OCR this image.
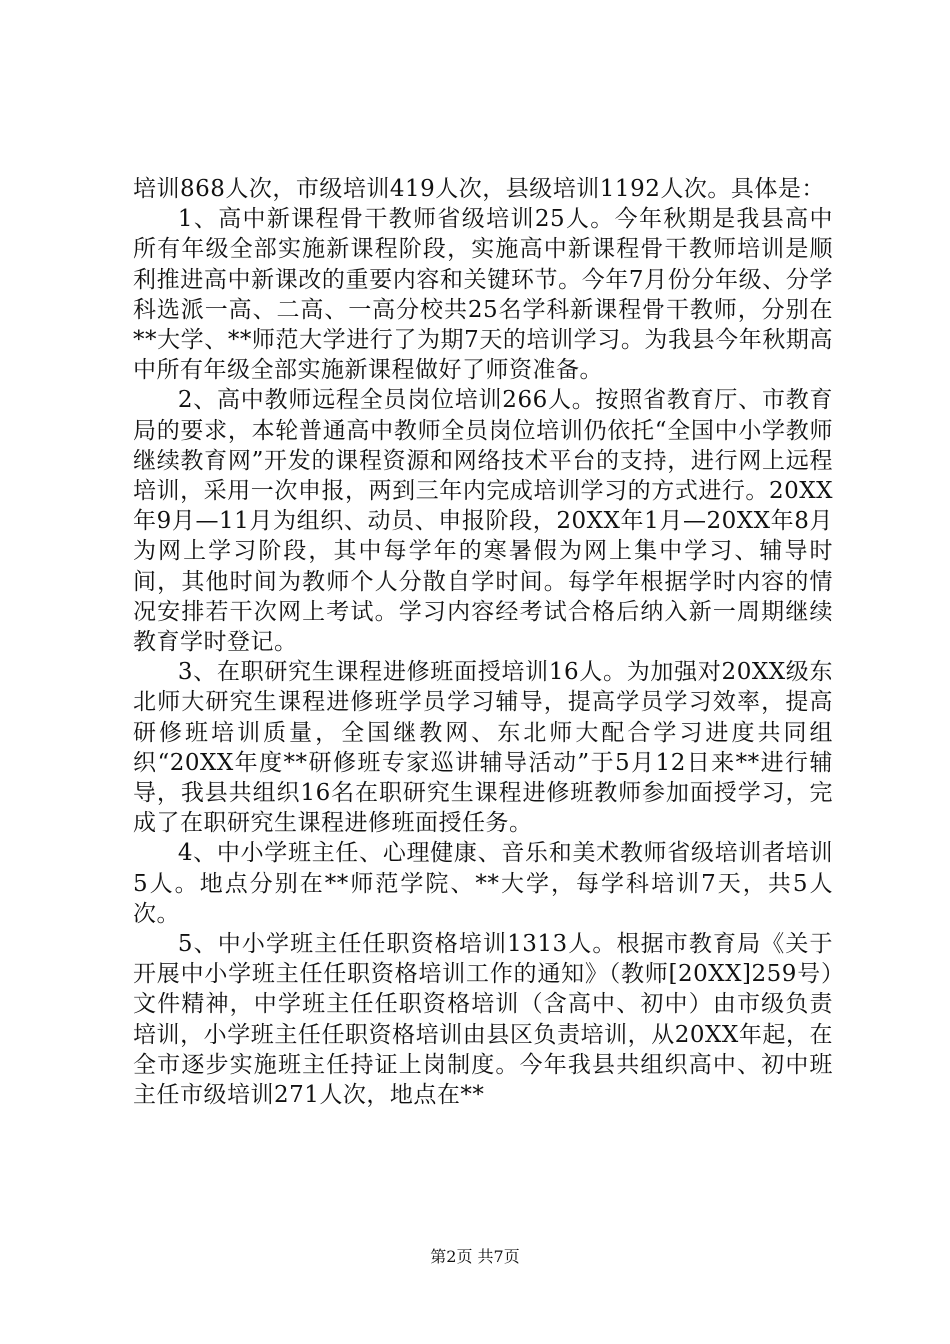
培训868人次，市级培训419人次，县级培训1192人次。具体是：

1、高中新课程骨干教师省级培训25人。今年秋期是我县高中所有年级全部实施新课程阶段，实施高中新课程骨干教师培训是顺利推进高中新课改的重要内容和关键环节。今年7月份分年级、分学科选派一高、二高、一高分校共25名学科新课程骨干教师，分别在**大学、**师范大学进行了为期7天的培训学习。为我县今年秋期高中所有年级全部实施新课程做好了师资准备。

2、高中教师远程全员岗位培训266人。按照省教育厅、市教育局的要求，本轮普通高中教师全员岗位培训仍依托“全国中小学教师继续教育网”开发的课程资源和网络技术平台的支持，进行网上远程培训，采用一次申报，两到三年内完成培训学习的方式进行。20XX年9月—11月为组织、动员、申报阶段，20XX年1月—20XX年8月为网上学习阶段，其中每学年的寒暑假为网上集中学习、辅导时间，其他时间为教师个人分散自学时间。每学年根据学时内容的情况安排若干次网上考试。学习内容经考试合格后纳入新一周期继续教育学时登记。

3、在职研究生课程进修班面授培训16人。为加强对20XX级东北师大研究生课程进修班学员学习辅导，提高学员学习效率，提高研修班培训质量，全国继教网、东北师大配合学习进度共同组织“20XX年度**研修班专家巡讲辅导活动”于5月12日来**进行辅导，我县共组织16名在职研究生课程进修班教师参加面授学习，完成了在职研究生课程进修班面授任务。

4、中小学班主任、心理健康、音乐和美术教师省级培训者培训5人。地点分别在**师范学院、**大学，每学科培训7天，共5人次。

5、中小学班主任任职资格培训1313人。根据市教育局《关于开展中小学班主任任职资格培训工作的通知》（教师[20XX]259号）文件精神，中学班主任任职资格培训（含高中、初中）由市级负责培训，小学班主任任职资格培训由县区负责培训，从20XX年起，在全市逐步实施班主任持证上岗制度。今年我县共组织高中、初中班主任市级培训271人次，地点在**

第2页 共7页
